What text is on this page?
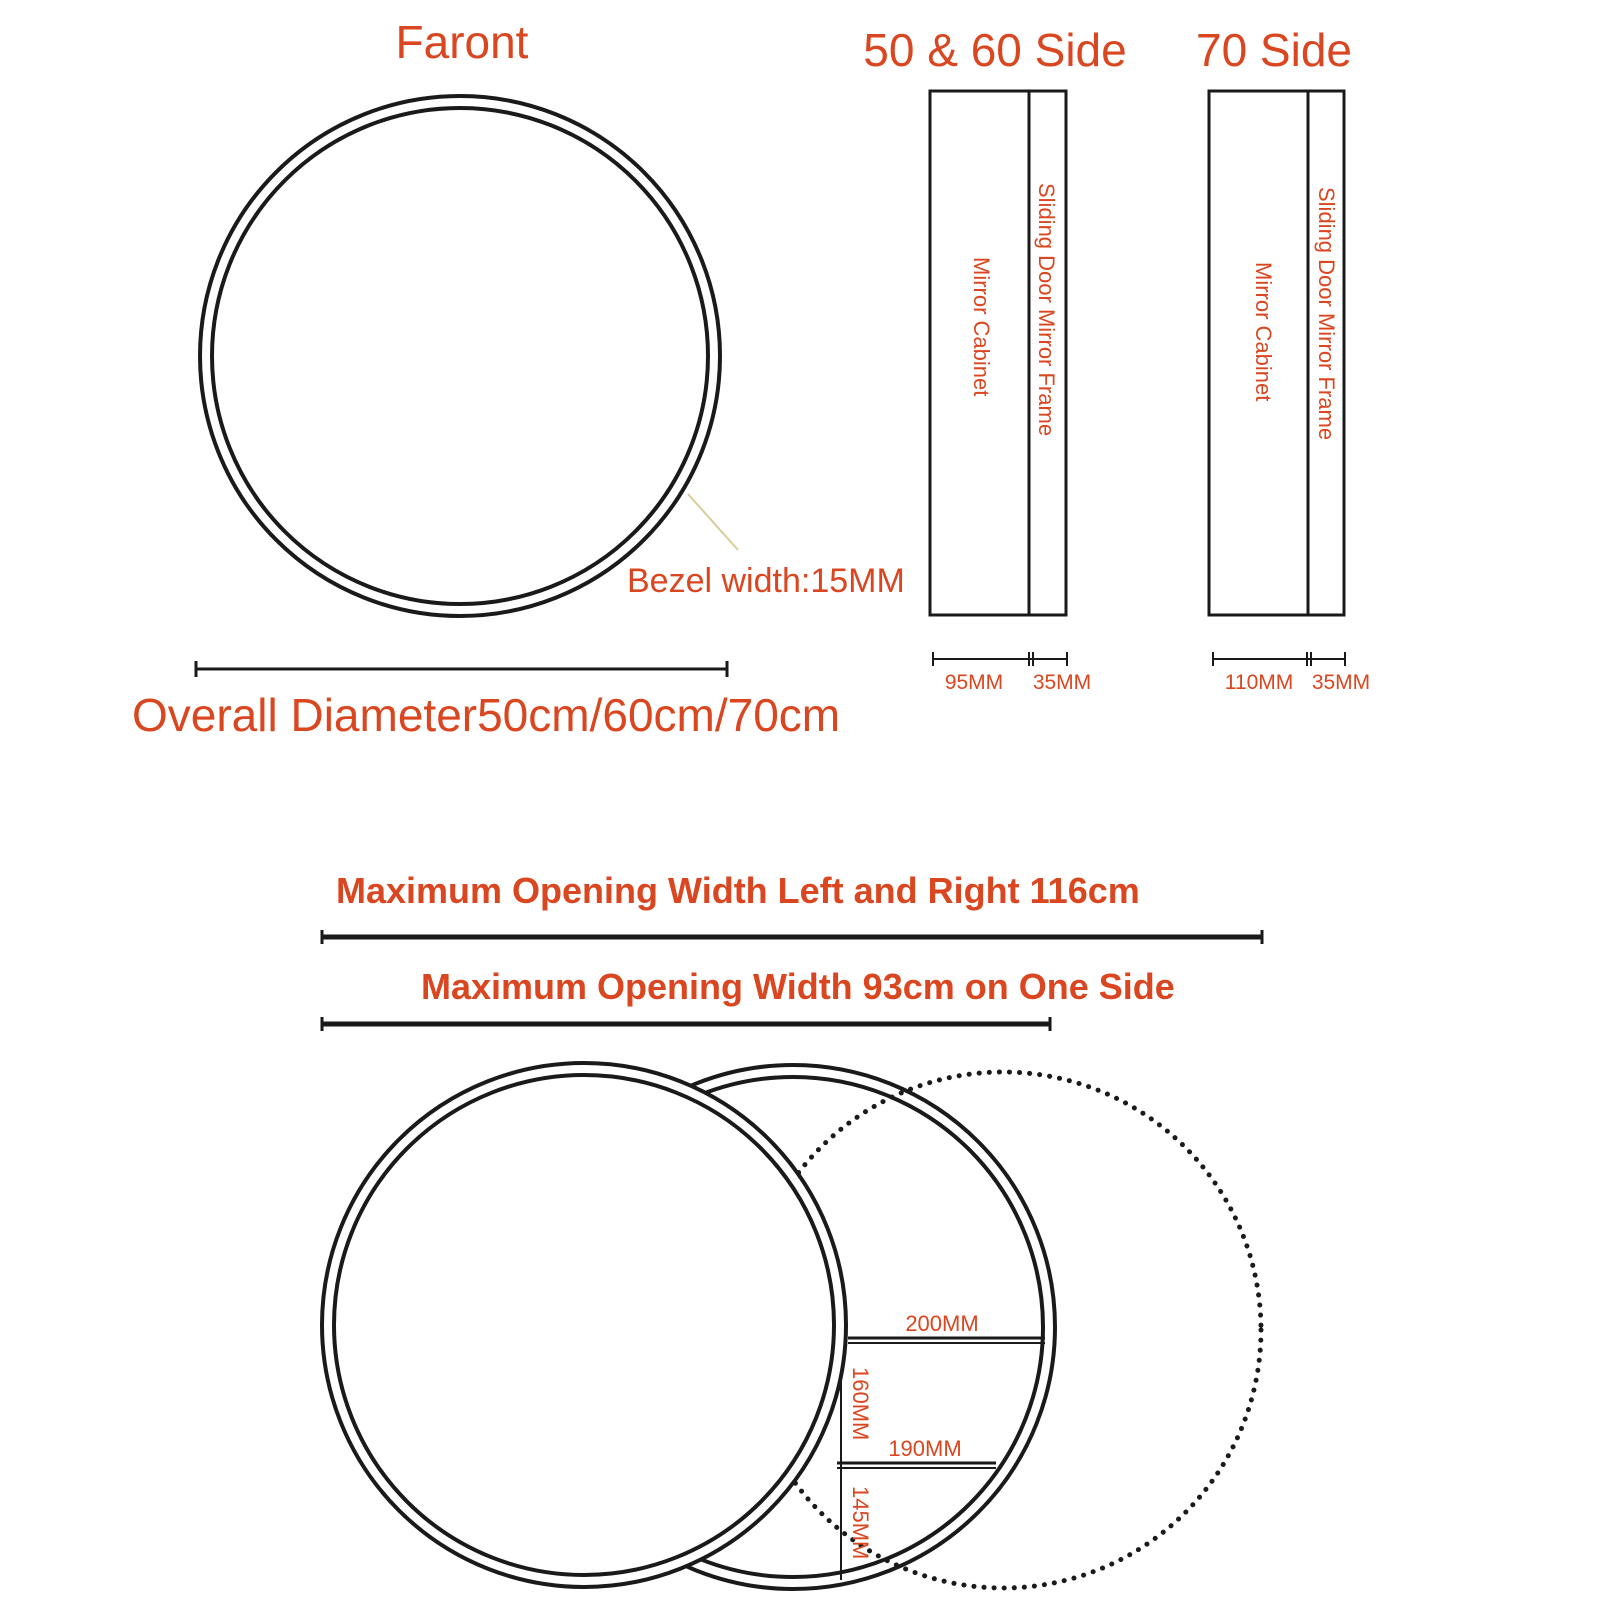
Faront
Bezel width:15MM
Overall Diameter50cm/60cm/70cm
50 & 60 Side
Mirror Cabinet Sliding Door Mirror Frame
95MM 35MM
70 Side
Mirror Cabinet Sliding Door Mirror Frame
110MM 35MM
Maximum Opening Width Left and Right 116cm
Maximum Opening Width 93cm on One Side
200MM
190MM
160MM
145MM
